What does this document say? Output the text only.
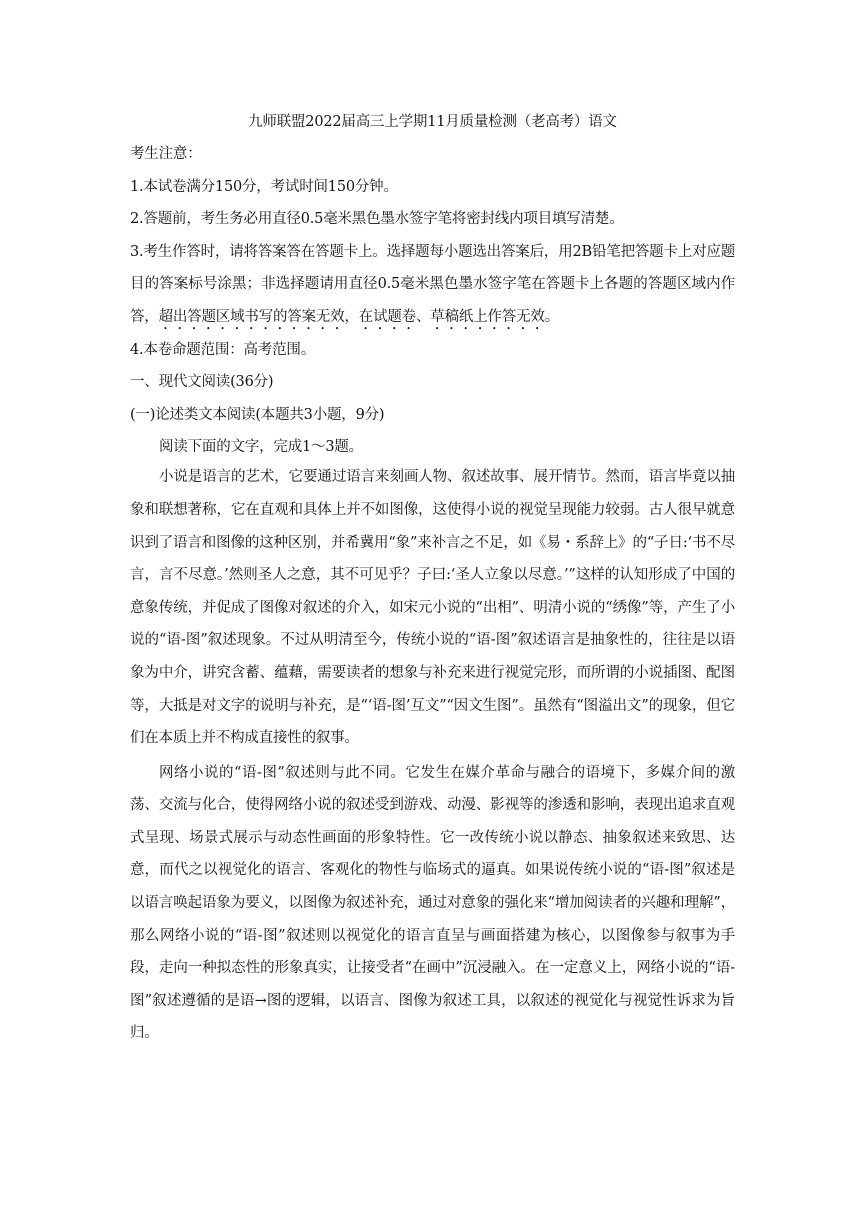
九师联盟2022届高三上学期11月质量检测（老高考）语文
考生注意：
1.本试卷满分150分，考试时间150分钟。
2.答题前，考生务必用直径0.5毫米黑色墨水签字笔将密封线内项目填写清楚。

3.考生作答时，请将答案答在答题卡上。选择题每小题选出答案后，用2B铅笔把答题卡上对应题目的答案标号涂黑；非选择题请用直径0.5毫米黑色墨水签字笔在答题卡上各题的答题区域内作答，超出答题区域书写的答案无效，在试题卷、草稿纸上作答无效。

4.本卷命题范围：高考范围。
一、现代文阅读(36分)
(一)论述类文本阅读(本题共3小题，9分)
阅读下面的文字，完成1～3题。

小说是语言的艺术，它要通过语言来刻画人物、叙述故事、展开情节。然而，语言毕竟以抽象和联想著称，它在直观和具体上并不如图像，这使得小说的视觉呈现能力较弱。古人很早就意识到了语言和图像的这种区别，并希冀用“象”来补言之不足，如《易・系辞上》的“子日:‘书不尽言，言不尽意。’然则圣人之意，其不可见乎？子曰:‘圣人立象以尽意。’”这样的认知形成了中国的意象传统，并促成了图像对叙述的介入，如宋元小说的“出相”、明清小说的“绣像”等，产生了小说的“语-图”叙述现象。不过从明清至今，传统小说的“语-图”叙述语言是抽象性的，往往是以语象为中介，讲究含蓄、蕴藉，需要读者的想象与补充来进行视觉完形，而所谓的小说插图、配图等，大抵是对文字的说明与补充，是“‘语-图’互文”“因文生图”。虽然有“图溢出文”的现象，但它们在本质上并不构成直接性的叙事。

网络小说的“语-图”叙述则与此不同。它发生在媒介革命与融合的语境下，多媒介间的激荡、交流与化合，使得网络小说的叙述受到游戏、动漫、影视等的渗透和影响，表现出追求直观式呈现、场景式展示与动态性画面的形象特性。它一改传统小说以静态、抽象叙述来致思、达意，而代之以视觉化的语言、客观化的物性与临场式的逼真。如果说传统小说的“语-图”叙述是以语言唤起语象为要义，以图像为叙述补充，通过对意象的强化来“增加阅读者的兴趣和理解”，那么网络小说的“语-图”叙述则以视觉化的语言直呈与画面搭建为核心，以图像参与叙事为手段，走向一种拟态性的形象真实，让接受者“在画中”沉浸融入。在一定意义上，网络小说的“语-图”叙述遵循的是语→图的逻辑，以语言、图像为叙述工具，以叙述的视觉化与视觉性诉求为旨归。
